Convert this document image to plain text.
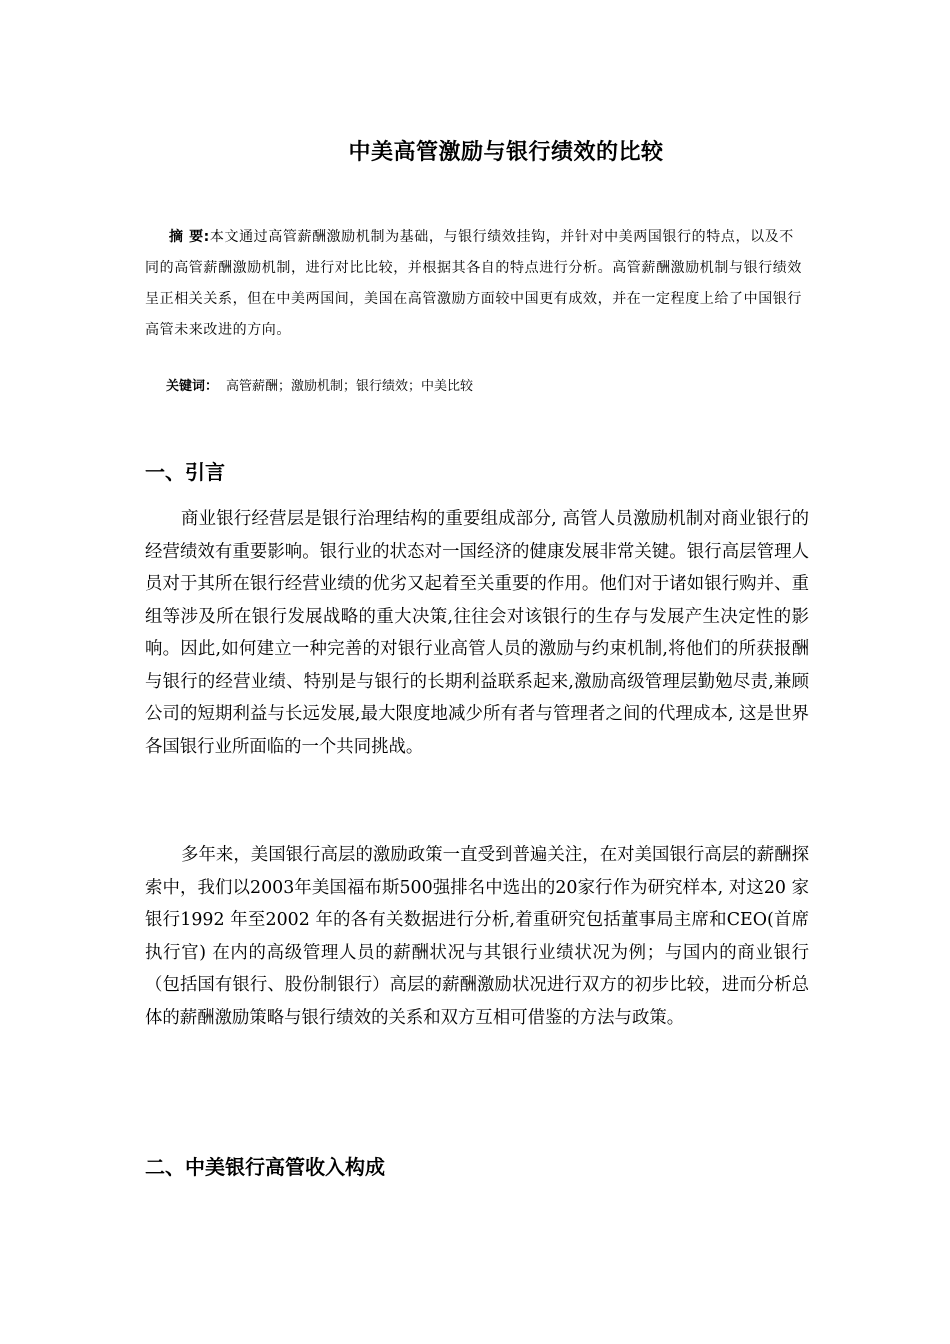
中美高管激励与银行绩效的比较

摘 要:本文通过高管薪酬激励机制为基础，与银行绩效挂钩，并针对中美两国银行的特点，以及不同的高管薪酬激励机制，进行对比比较，并根据其各自的特点进行分析。高管薪酬激励机制与银行绩效呈正相关关系，但在中美两国间，美国在高管激励方面较中国更有成效，并在一定程度上给了中国银行高管未来改进的方向。

关键词： 高管薪酬；激励机制；银行绩效；中美比较

一、引言

商业银行经营层是银行治理结构的重要组成部分, 高管人员激励机制对商业银行的经营绩效有重要影响。银行业的状态对一国经济的健康发展非常关键。银行高层管理人员对于其所在银行经营业绩的优劣又起着至关重要的作用。他们对于诸如银行购并、重组等涉及所在银行发展战略的重大决策,往往会对该银行的生存与发展产生决定性的影响。因此,如何建立一种完善的对银行业高管人员的激励与约束机制,将他们的所获报酬与银行的经营业绩、特别是与银行的长期利益联系起来,激励高级管理层勤勉尽责,兼顾公司的短期利益与长远发展,最大限度地减少所有者与管理者之间的代理成本, 这是世界各国银行业所面临的一个共同挑战。

多年来，美国银行高层的激励政策一直受到普遍关注，在对美国银行高层的薪酬探索中，我们以2003年美国福布斯500强排名中选出的20家行作为研究样本, 对这20 家银行1992 年至2002 年的各有关数据进行分析,着重研究包括董事局主席和CEO(首席执行官) 在内的高级管理人员的薪酬状况与其银行业绩状况为例；与国内的商业银行（包括国有银行、股份制银行）高层的薪酬激励状况进行双方的初步比较，进而分析总体的薪酬激励策略与银行绩效的关系和双方互相可借鉴的方法与政策。

二、中美银行高管收入构成
